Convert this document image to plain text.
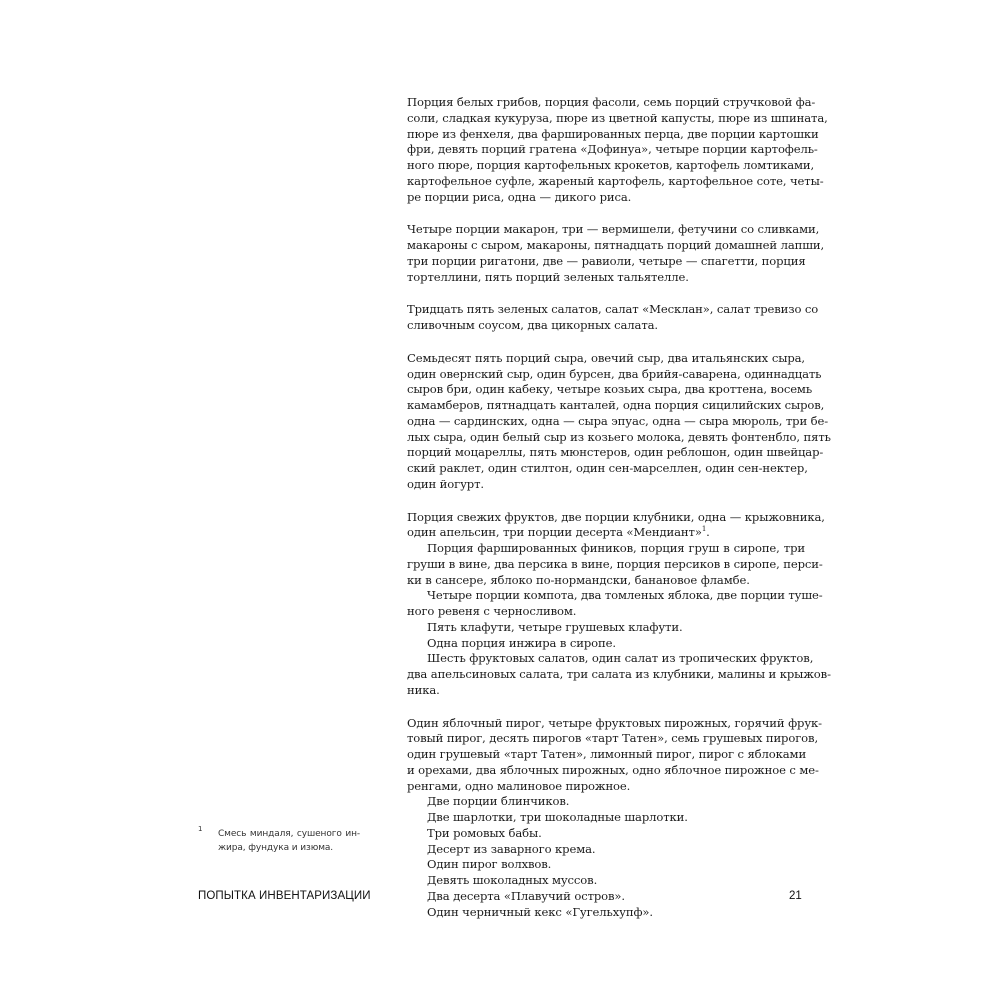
Порция белых грибов, порция фасоли, семь порций стручковой фа-
соли, сладкая кукуруза, пюре из цветной капусты, пюре из шпината,
пюре из фенхеля, два фаршированных перца, две порции картошки
фри, девять порций гратена «Дофинуа», четыре порции картофель-
ного пюре, порция картофельных крокетов, картофель ломтиками,
картофельное суфле, жареный картофель, картофельное соте, четы-
ре порции риса, одна — дикого риса.
Четыре порции макарон, три — вермишели, фетучини со сливками,
макароны с сыром, макароны, пятнадцать порций домашней лапши,
три порции ригатони, две — равиоли, четыре — спагетти, порция
тортеллини, пять порций зеленых тальятелле.
Тридцать пять зеленых салатов, салат «Месклан», салат тревизо со
сливочным соусом, два цикорных салата.
Семьдесят пять порций сыра, овечий сыр, два итальянских сыра,
один овернский сыр, один бурсен, два брийя-саварена, одиннадцать
сыров бри, один кабеку, четыре козьих сыра, два кроттена, восемь
камамберов, пятнадцать канталей, одна порция сицилийских сыров,
одна — сардинских, одна — сыра эпуас, одна — сыра мюроль, три бе-
лых сыра, один белый сыр из козьего молока, девять фонтенбло, пять
порций моцареллы, пять мюнстеров, один реблошон, один швейцар-
ский раклет, один стилтон, один сен-марселлен, один сен-нектер,
один йогурт.
Порция свежих фруктов, две порции клубники, одна — крыжовника,
один апельсин, три порции десерта «Мендиант»$^1$.
Порция фаршированных фиников, порция груш в сиропе, три
груши в вине, два персика в вине, порция персиков в сиропе, перси-
ки в сансере, яблоко по-нормандски, банановое фламбе.
Четыре порции компота, два томленых яблока, две порции туше-
ного ревеня с черносливом.
Пять клафути, четыре грушевых клафути.
Одна порция инжира в сиропе.
Шесть фруктовых салатов, один салат из тропических фруктов,
два апельсиновых салата, три салата из клубники, малины и крыжов-
ника.
Один яблочный пирог, четыре фруктовых пирожных, горячий фрук-
товый пирог, десять пирогов «тарт Татен», семь грушевых пирогов,
один грушевый «тарт Татен», лимонный пирог, пирог с яблоками
и орехами, два яблочных пирожных, одно яблочное пирожное с ме-
ренгами, одно малиновое пирожное.
Две порции блинчиков.
Две шарлотки, три шоколадные шарлотки.
Три ромовых бабы.
Десерт из заварного крема.
Один пирог волхвов.
Девять шоколадных муссов.
Два десерта «Плавучий остров».
Один черничный кекс «Гугельхупф».
1 Смесь миндаля, сушеного ин-
жира, фундука и изюма.
ПОПЫТКА ИНВЕНТАРИЗАЦИИ	21
